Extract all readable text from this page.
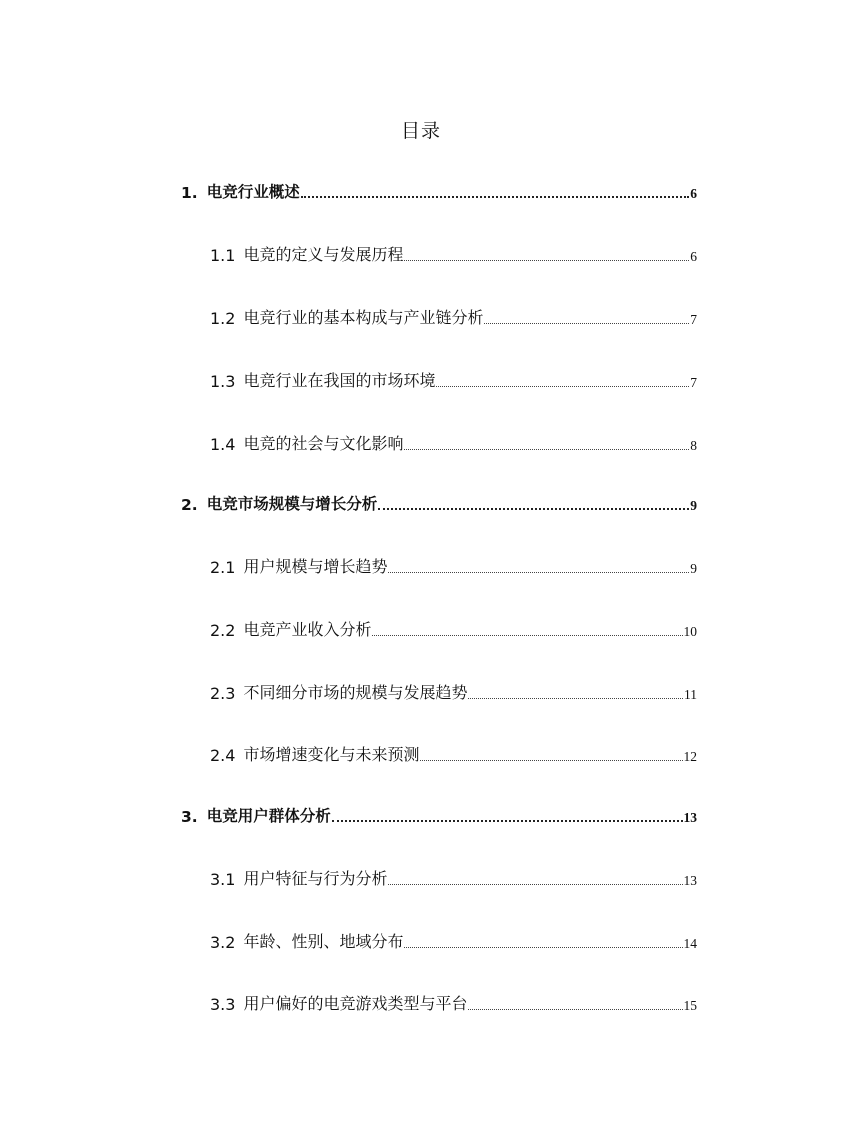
目录
1. 电竞行业概述	6
1.1 电竞的定义与发展历程	6
1.2 电竞行业的基本构成与产业链分析	7
1.3 电竞行业在我国的市场环境	7
1.4 电竞的社会与文化影响	8
2. 电竞市场规模与增长分析	9
2.1 用户规模与增长趋势	9
2.2 电竞产业收入分析	10
2.3 不同细分市场的规模与发展趋势	11
2.4 市场增速变化与未来预测	12
3. 电竞用户群体分析	13
3.1 用户特征与行为分析	13
3.2 年龄、性别、地域分布	14
3.3 用户偏好的电竞游戏类型与平台	15
